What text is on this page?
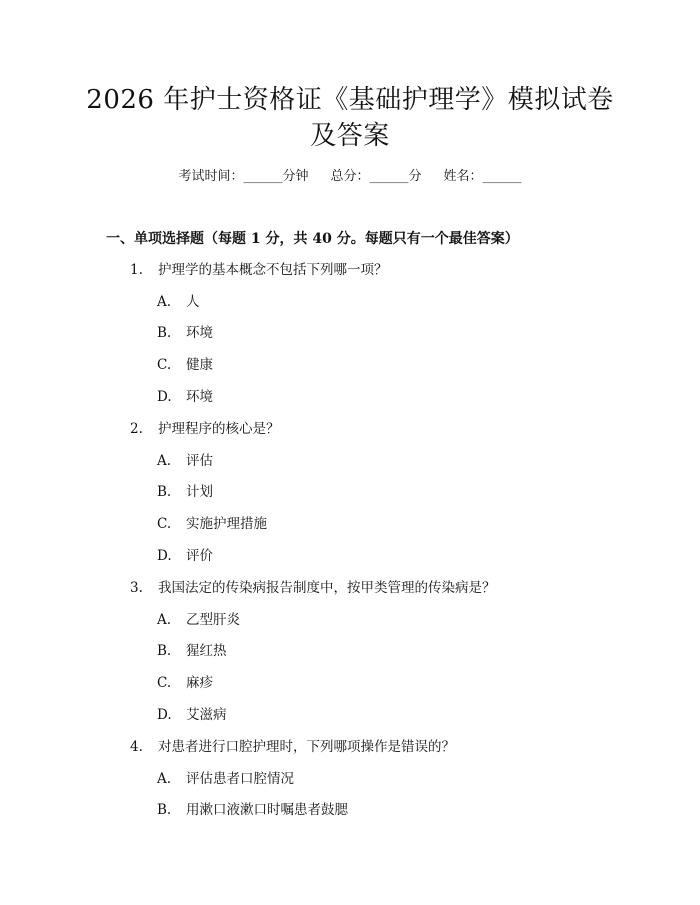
2026 年护士资格证《基础护理学》模拟试卷
及答案
考试时间：______分钟 总分：______分 姓名：______
一、单项选择题（每题 1 分，共 40 分。每题只有一个最佳答案）
1. 护理学的基本概念不包括下列哪一项？
A. 人
B. 环境
C. 健康
D. 环境
2. 护理程序的核心是？
A. 评估
B. 计划
C. 实施护理措施
D. 评价
3. 我国法定的传染病报告制度中，按甲类管理的传染病是？
A. 乙型肝炎
B. 猩红热
C. 麻疹
D. 艾滋病
4. 对患者进行口腔护理时，下列哪项操作是错误的？
A. 评估患者口腔情况
B. 用漱口液漱口时嘱患者鼓腮
